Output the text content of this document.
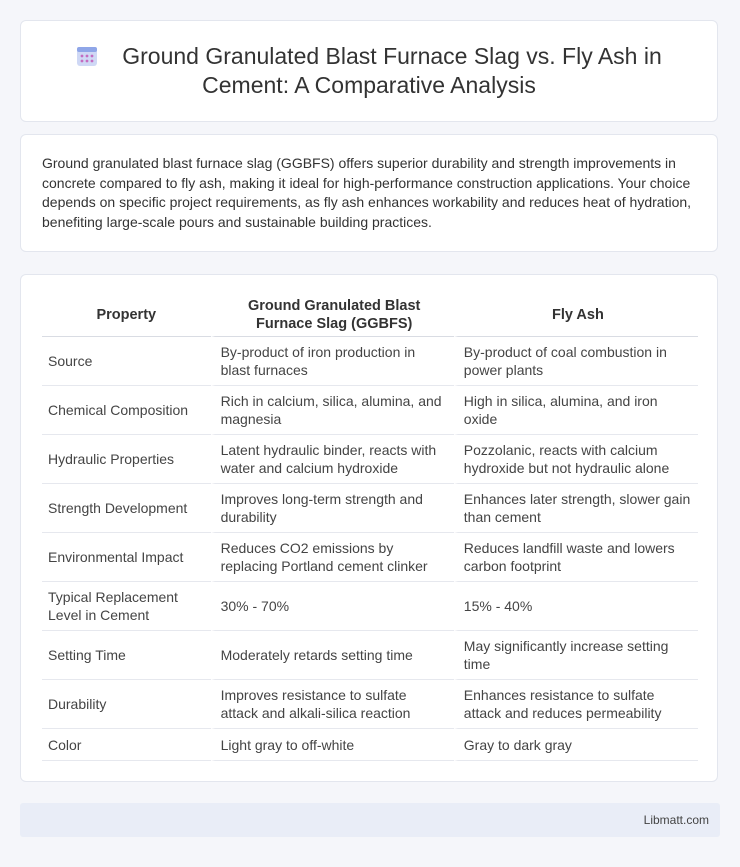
Ground Granulated Blast Furnace Slag vs. Fly Ash in Cement: A Comparative Analysis
Ground granulated blast furnace slag (GGBFS) offers superior durability and strength improvements in concrete compared to fly ash, making it ideal for high-performance construction applications. Your choice depends on specific project requirements, as fly ash enhances workability and reduces heat of hydration, benefiting large-scale pours and sustainable building practices.
Property	Ground Granulated Blast Furnace Slag (GGBFS)	Fly Ash
Source	By-product of iron production in blast furnaces	By-product of coal combustion in power plants
Chemical Composition	Rich in calcium, silica, alumina, and magnesia	High in silica, alumina, and iron oxide
Hydraulic Properties	Latent hydraulic binder, reacts with water and calcium hydroxide	Pozzolanic, reacts with calcium hydroxide but not hydraulic alone
Strength Development	Improves long-term strength and durability	Enhances later strength, slower gain than cement
Environmental Impact	Reduces CO2 emissions by replacing Portland cement clinker	Reduces landfill waste and lowers carbon footprint
Typical Replacement Level in Cement	30% - 70%	15% - 40%
Setting Time	Moderately retards setting time	May significantly increase setting time
Durability	Improves resistance to sulfate attack and alkali-silica reaction	Enhances resistance to sulfate attack and reduces permeability
Color	Light gray to off-white	Gray to dark gray
Libmatt.com
